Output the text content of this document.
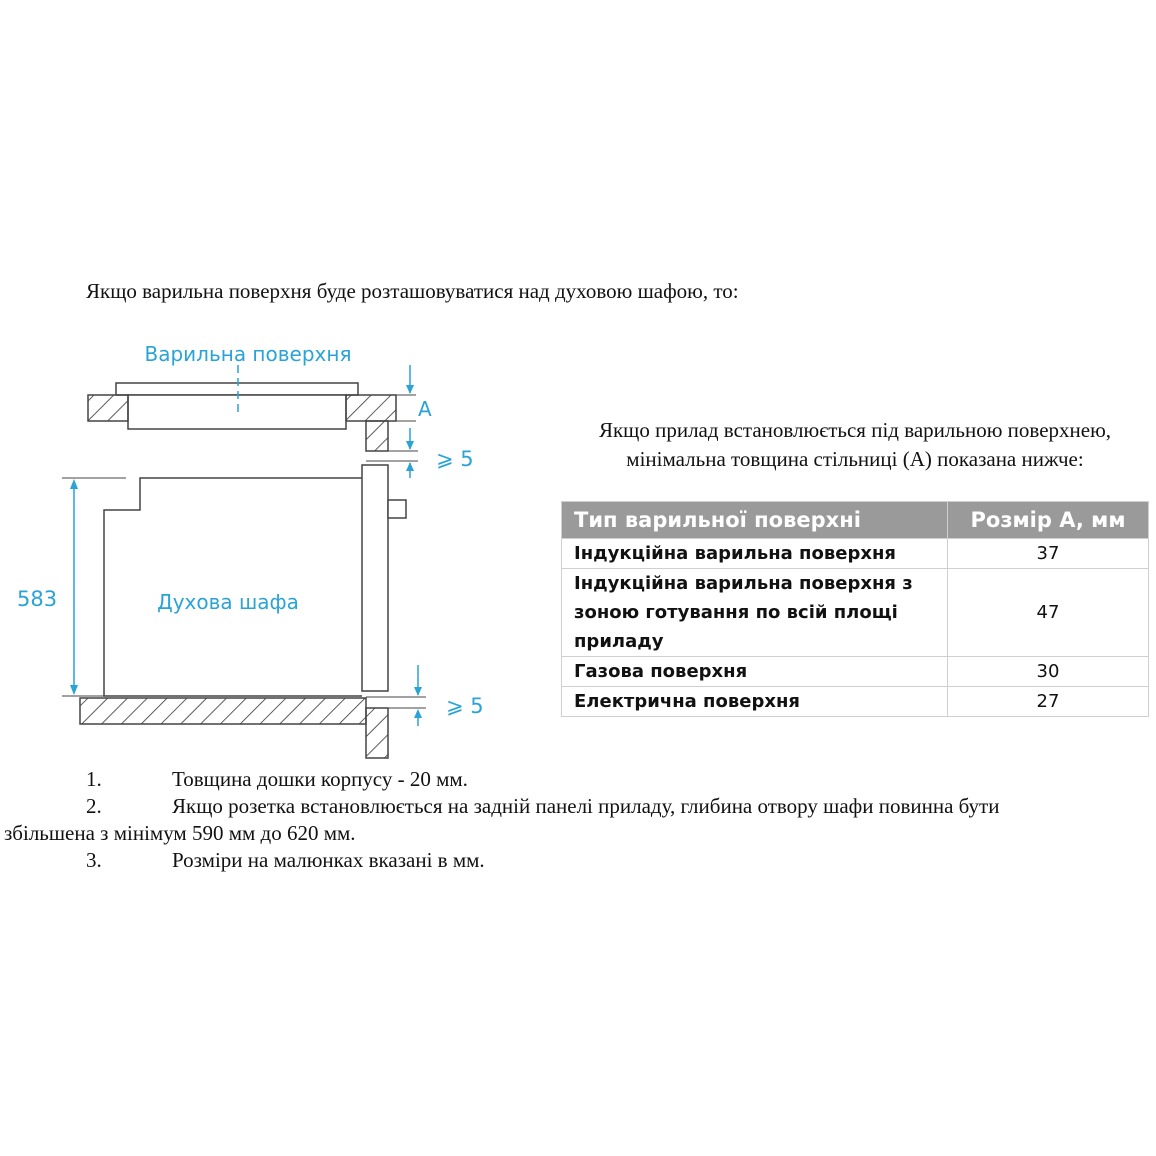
Якщо варильна поверхня буде розташовуватися над духовою шафою, то:
Варильна поверхня
A
⩾ 5
Духова шафа
583
⩾ 5
Якщо прилад встановлюється під варильною поверхнею,
мінімальна товщина стільниці (A) показана нижче:
Тип варильної поверхні	Розмір A, мм
Індукційна варильна поверхня	37
Індукційна варильна поверхня з зоною готування по всій площі приладу	47
Газова поверхня	30
Електрична поверхня	27
1.	Товщина дошки корпусу - 20 мм.
2.	Якщо розетка встановлюється на задній панелі приладу, глибина отвору шафи повинна бути
збільшена з мінімум 590 мм до 620 мм.
3.	Розміри на малюнках вказані в мм.
